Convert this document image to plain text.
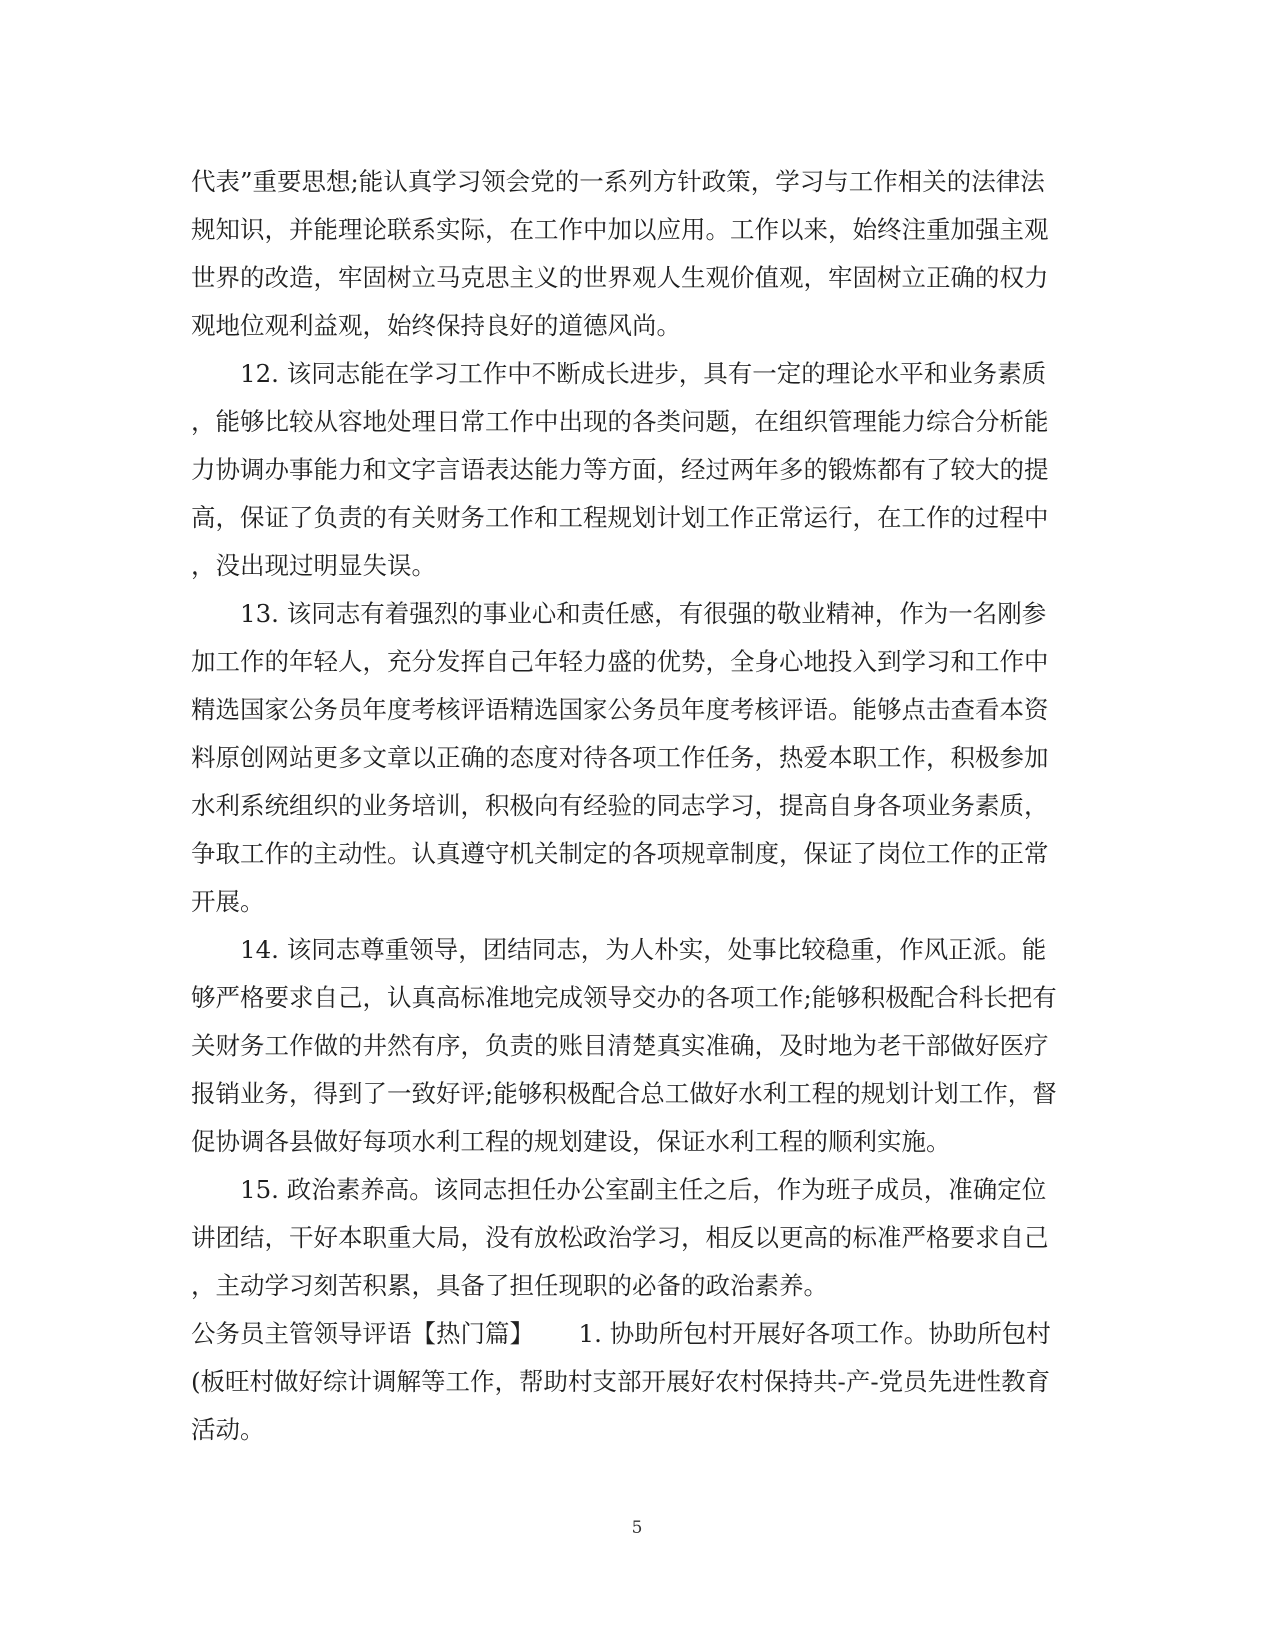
代表”重要思想;能认真学习领会党的一系列方针政策，学习与工作相关的法律法
规知识，并能理论联系实际，在工作中加以应用。工作以来，始终注重加强主观
世界的改造，牢固树立马克思主义的世界观人生观价值观，牢固树立正确的权力
观地位观利益观，始终保持良好的道德风尚。
12. 该同志能在学习工作中不断成长进步，具有一定的理论水平和业务素质
，能够比较从容地处理日常工作中出现的各类问题，在组织管理能力综合分析能
力协调办事能力和文字言语表达能力等方面，经过两年多的锻炼都有了较大的提
高，保证了负责的有关财务工作和工程规划计划工作正常运行，在工作的过程中
，没出现过明显失误。
13. 该同志有着强烈的事业心和责任感，有很强的敬业精神，作为一名刚参
加工作的年轻人，充分发挥自己年轻力盛的优势，全身心地投入到学习和工作中
精选国家公务员年度考核评语精选国家公务员年度考核评语。能够点击查看本资
料原创网站更多文章以正确的态度对待各项工作任务，热爱本职工作，积极参加
水利系统组织的业务培训，积极向有经验的同志学习，提高自身各项业务素质，
争取工作的主动性。认真遵守机关制定的各项规章制度，保证了岗位工作的正常
开展。
14. 该同志尊重领导，团结同志，为人朴实，处事比较稳重，作风正派。能
够严格要求自己，认真高标准地完成领导交办的各项工作;能够积极配合科长把有
关财务工作做的井然有序，负责的账目清楚真实准确，及时地为老干部做好医疗
报销业务，得到了一致好评;能够积极配合总工做好水利工程的规划计划工作，督
促协调各县做好每项水利工程的规划建设，保证水利工程的顺利实施。
15. 政治素养高。该同志担任办公室副主任之后，作为班子成员，准确定位
讲团结，干好本职重大局，没有放松政治学习，相反以更高的标准严格要求自己
，主动学习刻苦积累，具备了担任现职的必备的政治素养。
公务员主管领导评语【热门篇】　　 1. 协助所包村开展好各项工作。协助所包村
(板旺村做好综计调解等工作，帮助村支部开展好农村保持共-产-党员先进性教育
活动。
5
